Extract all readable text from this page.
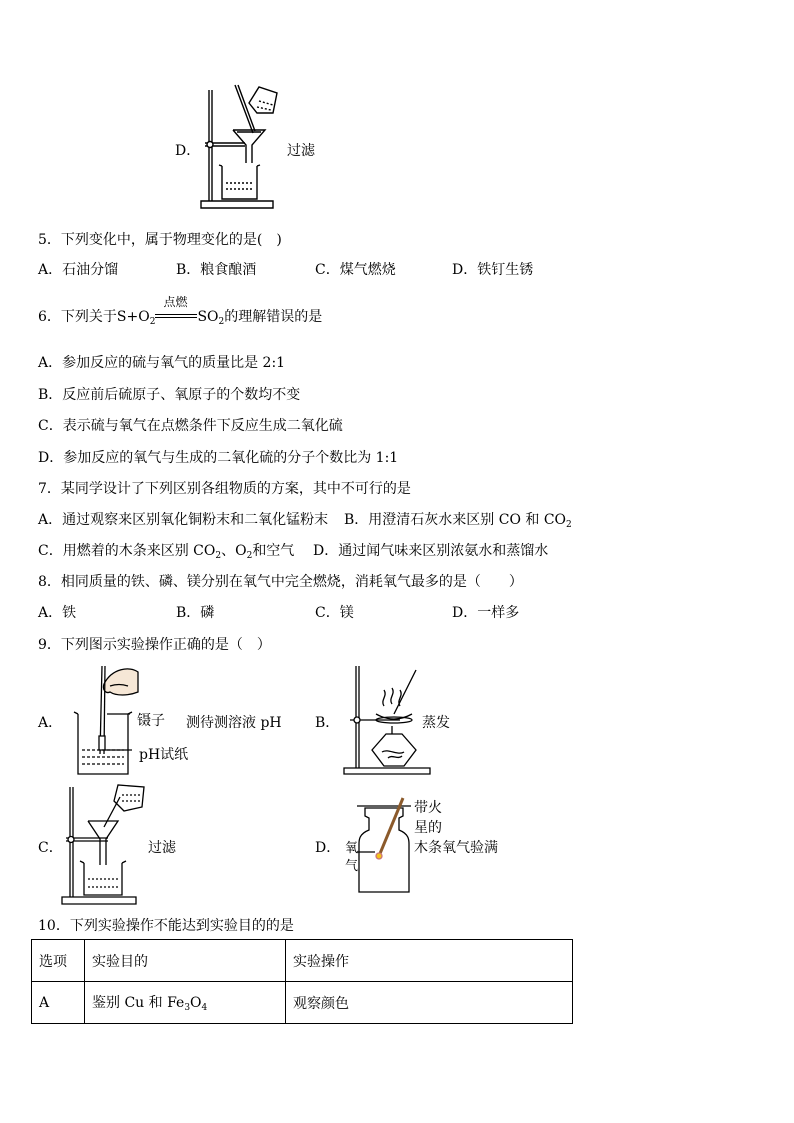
D．	过滤
5．下列变化中，属于物理变化的是(　)
A．石油分馏	B．粮食酿酒	C．煤气燃烧	D．铁钉生锈
6．下列关于$S+O_2$
点燃
$SO_2$的理解错误的是
A．参加反应的硫与氧气的质量比是 2:1
B．反应前后硫原子、氧原子的个数均不变
C．表示硫与氧气在点燃条件下反应生成二氧化硫
D．参加反应的氧气与生成的二氧化硫的分子个数比为 1:1
7．某同学设计了下列区别各组物质的方案，其中不可行的是
A．通过观察来区别氧化铜粉末和二氧化锰粉末 B．用澄清石灰水来区别 CO 和 $CO_2$
C．用燃着的木条来区别 $CO_2$、$O_2$和空气 D．通过闻气味来区别浓氨水和蒸馏水
8．相同质量的铁、磷、镁分别在氧气中完全燃烧，消耗氧气最多的是（　　）
A．铁	B．磷	C．镁	D．一样多
9．下列图示实验操作正确的是（　）
A．	镊子 测待测溶液 pH
pH试纸
B．	蒸发
C．	过滤	D． 氧
气
带火
星的
木条氧气验满
10．下列实验操作不能达到实验目的的是
选项	实验目的	实验操作
A	鉴别 Cu 和 $Fe_3O_4$	观察颜色
